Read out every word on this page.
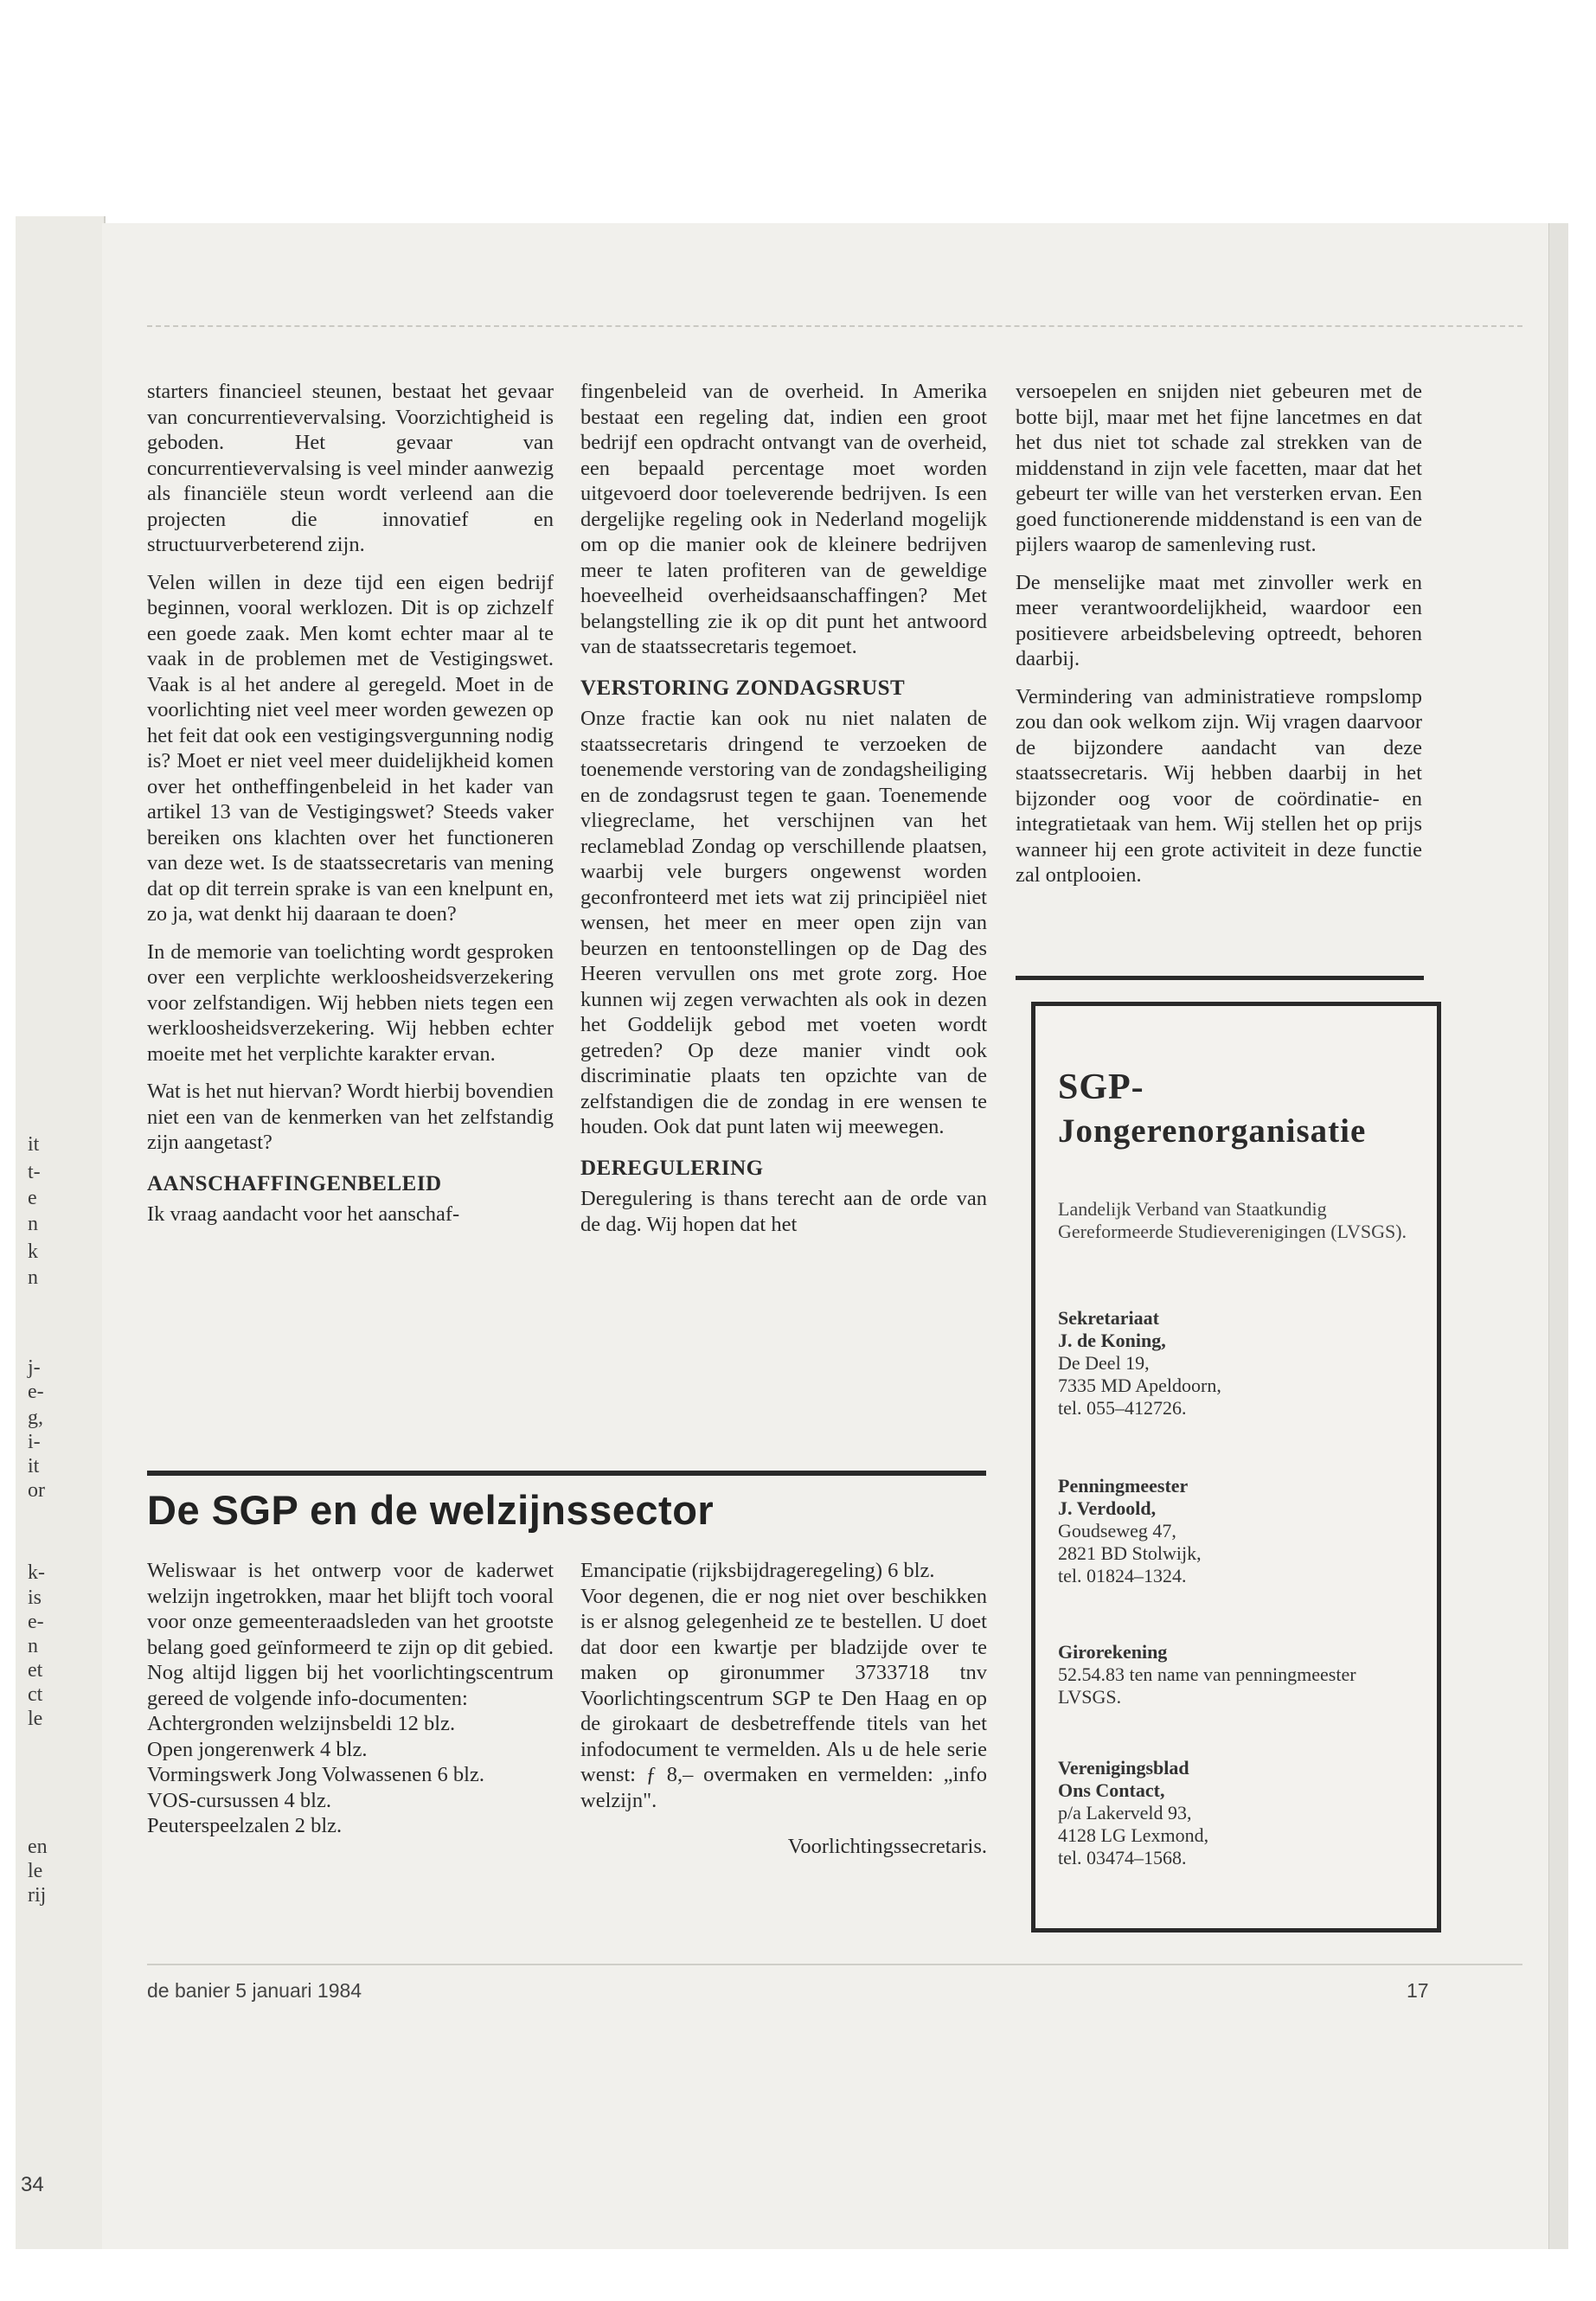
it
t-
e
n
k
n
j-
e-
g,
i-
it
or
k-
is
e-
n
et
ct
le
en
le
rij
34

starters financieel steunen, bestaat het gevaar van concurrentievervalsing. Voorzichtigheid is geboden. Het gevaar van concurrentievervalsing is veel minder aanwezig als financiële steun wordt verleend aan die projecten die innovatief en structuurverbeterend zijn.

Velen willen in deze tijd een eigen bedrijf beginnen, vooral werklozen. Dit is op zichzelf een goede zaak. Men komt echter maar al te vaak in de problemen met de Vestigingswet. Vaak is al het andere al geregeld. Moet in de voorlichting niet veel meer worden gewezen op het feit dat ook een vestigingsvergunning nodig is? Moet er niet veel meer duidelijkheid komen over het ontheffingenbeleid in het kader van artikel 13 van de Vestigingswet? Steeds vaker bereiken ons klachten over het functioneren van deze wet. Is de staatssecretaris van mening dat op dit terrein sprake is van een knelpunt en, zo ja, wat denkt hij daaraan te doen?

In de memorie van toelichting wordt gesproken over een verplichte werkloosheidsverzekering voor zelfstandigen. Wij hebben niets tegen een werkloosheidsverzekering. Wij hebben echter moeite met het verplichte karakter ervan.

Wat is het nut hiervan? Wordt hierbij bovendien niet een van de kenmerken van het zelfstandig zijn aangetast?

AANSCHAFFINGENBELEID

Ik vraag aandacht voor het aanschaf-

fingenbeleid van de overheid. In Amerika bestaat een regeling dat, indien een groot bedrijf een opdracht ontvangt van de overheid, een bepaald percentage moet worden uitgevoerd door toeleverende bedrijven. Is een dergelijke regeling ook in Nederland mogelijk om op die manier ook de kleinere bedrijven meer te laten profiteren van de geweldige hoeveelheid overheidsaanschaffingen? Met belangstelling zie ik op dit punt het antwoord van de staatssecretaris tegemoet.

VERSTORING ZONDAGSRUST

Onze fractie kan ook nu niet nalaten de staatssecretaris dringend te verzoeken de toenemende verstoring van de zondagsheiliging en de zondagsrust tegen te gaan. Toenemende vliegreclame, het verschijnen van het reclameblad Zondag op verschillende plaatsen, waarbij vele burgers ongewenst worden geconfronteerd met iets wat zij principiëel niet wensen, het meer en meer open zijn van beurzen en tentoonstellingen op de Dag des Heeren vervullen ons met grote zorg. Hoe kunnen wij zegen verwachten als ook in dezen het Goddelijk gebod met voeten wordt getreden? Op deze manier vindt ook discriminatie plaats ten opzichte van de zelfstandigen die de zondag in ere wensen te houden. Ook dat punt laten wij meewegen.

DEREGULERING

Deregulering is thans terecht aan de orde van de dag. Wij hopen dat het

versoepelen en snijden niet gebeuren met de botte bijl, maar met het fijne lancetmes en dat het dus niet tot schade zal strekken van de middenstand in zijn vele facetten, maar dat het gebeurt ter wille van het versterken ervan. Een goed functionerende middenstand is een van de pijlers waarop de samenleving rust.

De menselijke maat met zinvoller werk en meer verantwoordelijkheid, waardoor een positievere arbeidsbeleving optreedt, behoren daarbij.

Vermindering van administratieve rompslomp zou dan ook welkom zijn. Wij vragen daarvoor de bijzondere aandacht van deze staatssecretaris. Wij hebben daarbij in het bijzonder oog voor de coördinatie- en integratietaak van hem. Wij stellen het op prijs wanneer hij een grote activiteit in deze functie zal ontplooien.

SGP-
Jongerenorganisatie
Landelijk Verband van Staatkundig Gereformeerde Studieverenigingen (LVSGS).
Sekretariaat
J. de Koning,
De Deel 19,
7335 MD Apeldoorn,
tel. 055–412726.
Penningmeester
J. Verdoold,
Goudseweg 47,
2821 BD Stolwijk,
tel. 01824–1324.
Girorekening
52.54.83 ten name van penningmeester LVSGS.
Verenigingsblad
Ons Contact,
p/a Lakerveld 93,
4128 LG Lexmond,
tel. 03474–1568.
De SGP en de welzijnssector

Weliswaar is het ontwerp voor de kaderwet welzijn ingetrokken, maar het blijft toch vooral voor onze gemeenteraadsleden van het grootste belang goed geïnformeerd te zijn op dit gebied. Nog altijd liggen bij het voorlichtingscentrum gereed de volgende info-documenten:

Achtergronden welzijnsbeldi 12 blz.

Open jongerenwerk 4 blz.

Vormingswerk Jong Volwassenen 6 blz.

VOS-cursussen 4 blz.

Peuterspeelzalen 2 blz.

Emancipatie (rijksbijdrageregeling) 6 blz.

Voor degenen, die er nog niet over beschikken is er alsnog gelegenheid ze te bestellen. U doet dat door een kwartje per bladzijde over te maken op gironummer 3733718 tnv Voorlichtingscentrum SGP te Den Haag en op de girokaart de desbetreffende titels van het infodocument te vermelden. Als u de hele serie wenst: ƒ 8,– overmaken en vermelden: „info welzijn".

Voorlichtingssecretaris.

de banier 5 januari 1984	17
